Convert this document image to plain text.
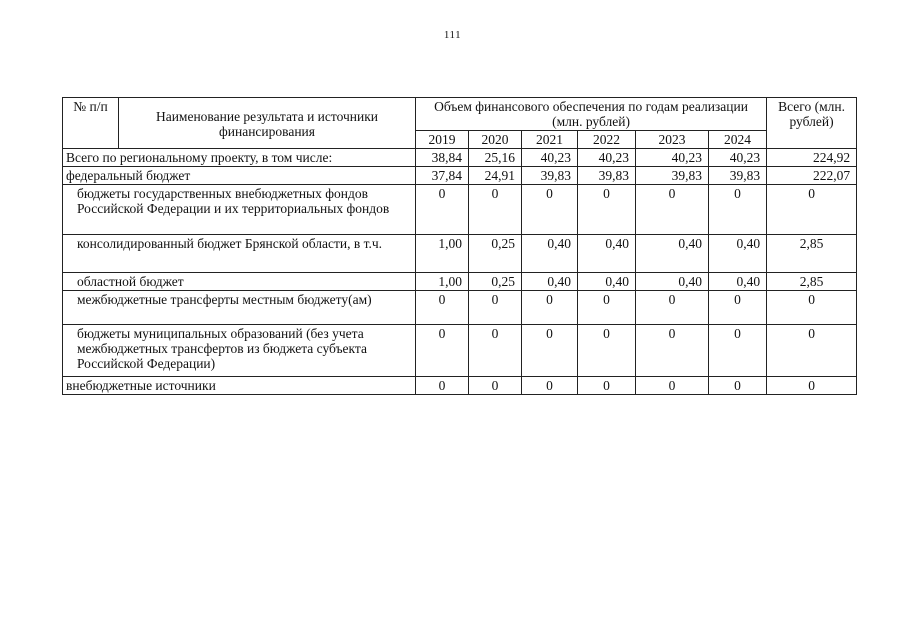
111
№ п/п	Наименование результата и источники финансирования	Объем финансового обеспечения по годам реализации (млн. рублей)						Всего (млн. рублей)
		2019	2020	2021	2022	2023	2024	
Всего по региональному проекту, в том числе:		38,84	25,16	40,23	40,23	40,23	40,23	224,92
федеральный бюджет		37,84	24,91	39,83	39,83	39,83	39,83	222,07
бюджеты государственных внебюджетных фондов Российской Федерации и их территориальных фондов		0	0	0	0	0	0	0
консолидированный бюджет Брянской области, в т.ч.		1,00	0,25	0,40	0,40	0,40	0,40	2,85
областной бюджет		1,00	0,25	0,40	0,40	0,40	0,40	2,85
межбюджетные трансферты местным бюджету(ам)		0	0	0	0	0	0	0
бюджеты муниципальных образований (без учета межбюджетных трансфертов из бюджета субъекта Российской Федерации)		0	0	0	0	0	0	0
внебюджетные источники		0	0	0	0	0	0	0
